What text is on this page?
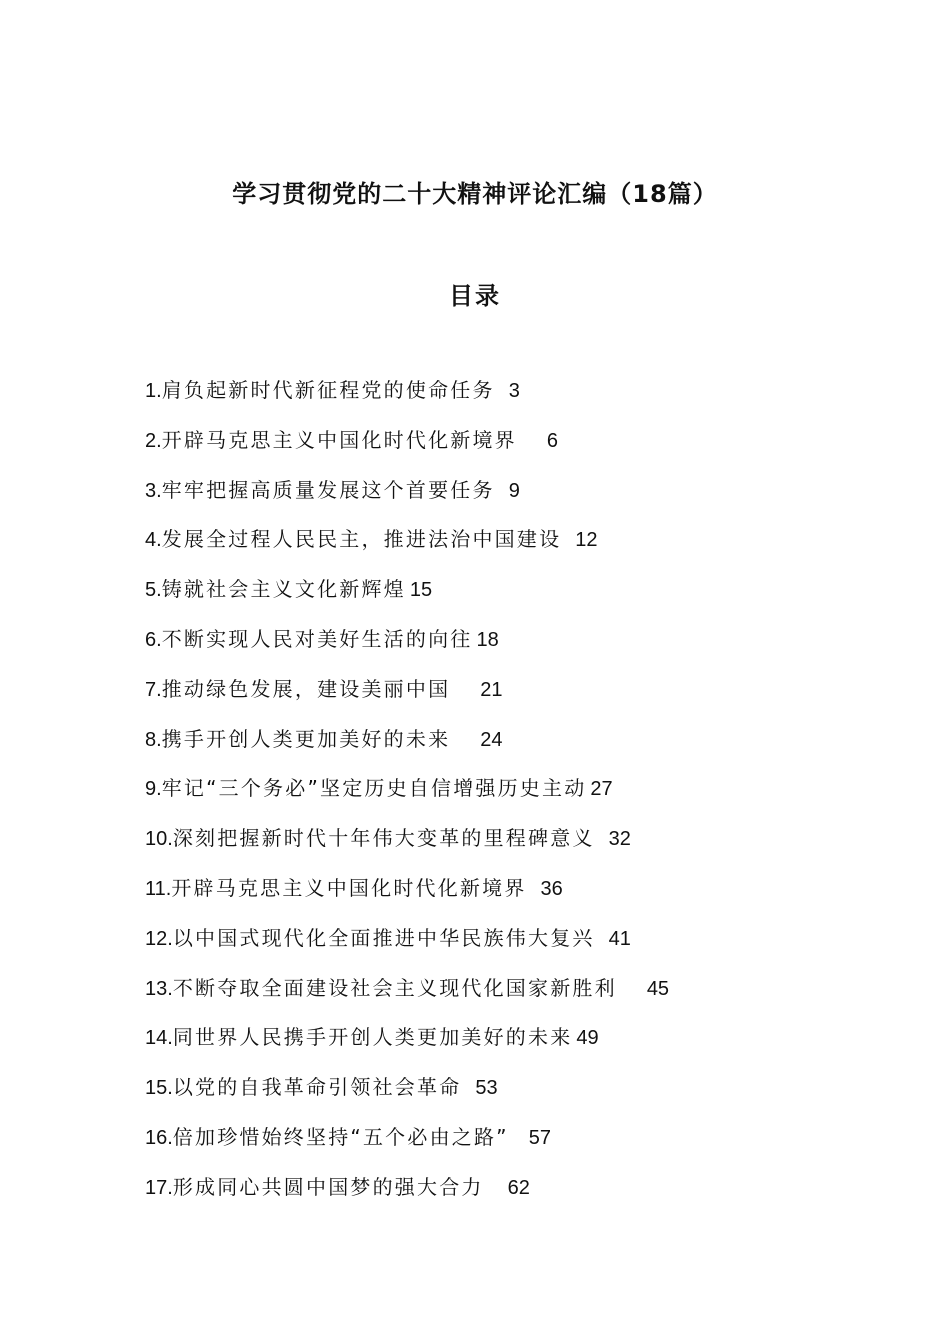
学习贯彻党的二十大精神评论汇编（18篇）
目录
1.肩负起新时代新征程党的使命任务 3
2.开辟马克思主义中国化时代化新境界 6
3.牢牢把握高质量发展这个首要任务 9
4.发展全过程人民民主，推进法治中国建设 12
5.铸就社会主义文化新辉煌 15
6.不断实现人民对美好生活的向往 18
7.推动绿色发展，建设美丽中国 21
8.携手开创人类更加美好的未来 24
9.牢记“三个务必”坚定历史自信增强历史主动 27
10.深刻把握新时代十年伟大变革的里程碑意义 32
11.开辟马克思主义中国化时代化新境界 36
12.以中国式现代化全面推进中华民族伟大复兴 41
13.不断夺取全面建设社会主义现代化国家新胜利 45
14.同世界人民携手开创人类更加美好的未来 49
15.以党的自我革命引领社会革命 53
16.倍加珍惜始终坚持“五个必由之路” 57
17.形成同心共圆中国梦的强大合力 62
